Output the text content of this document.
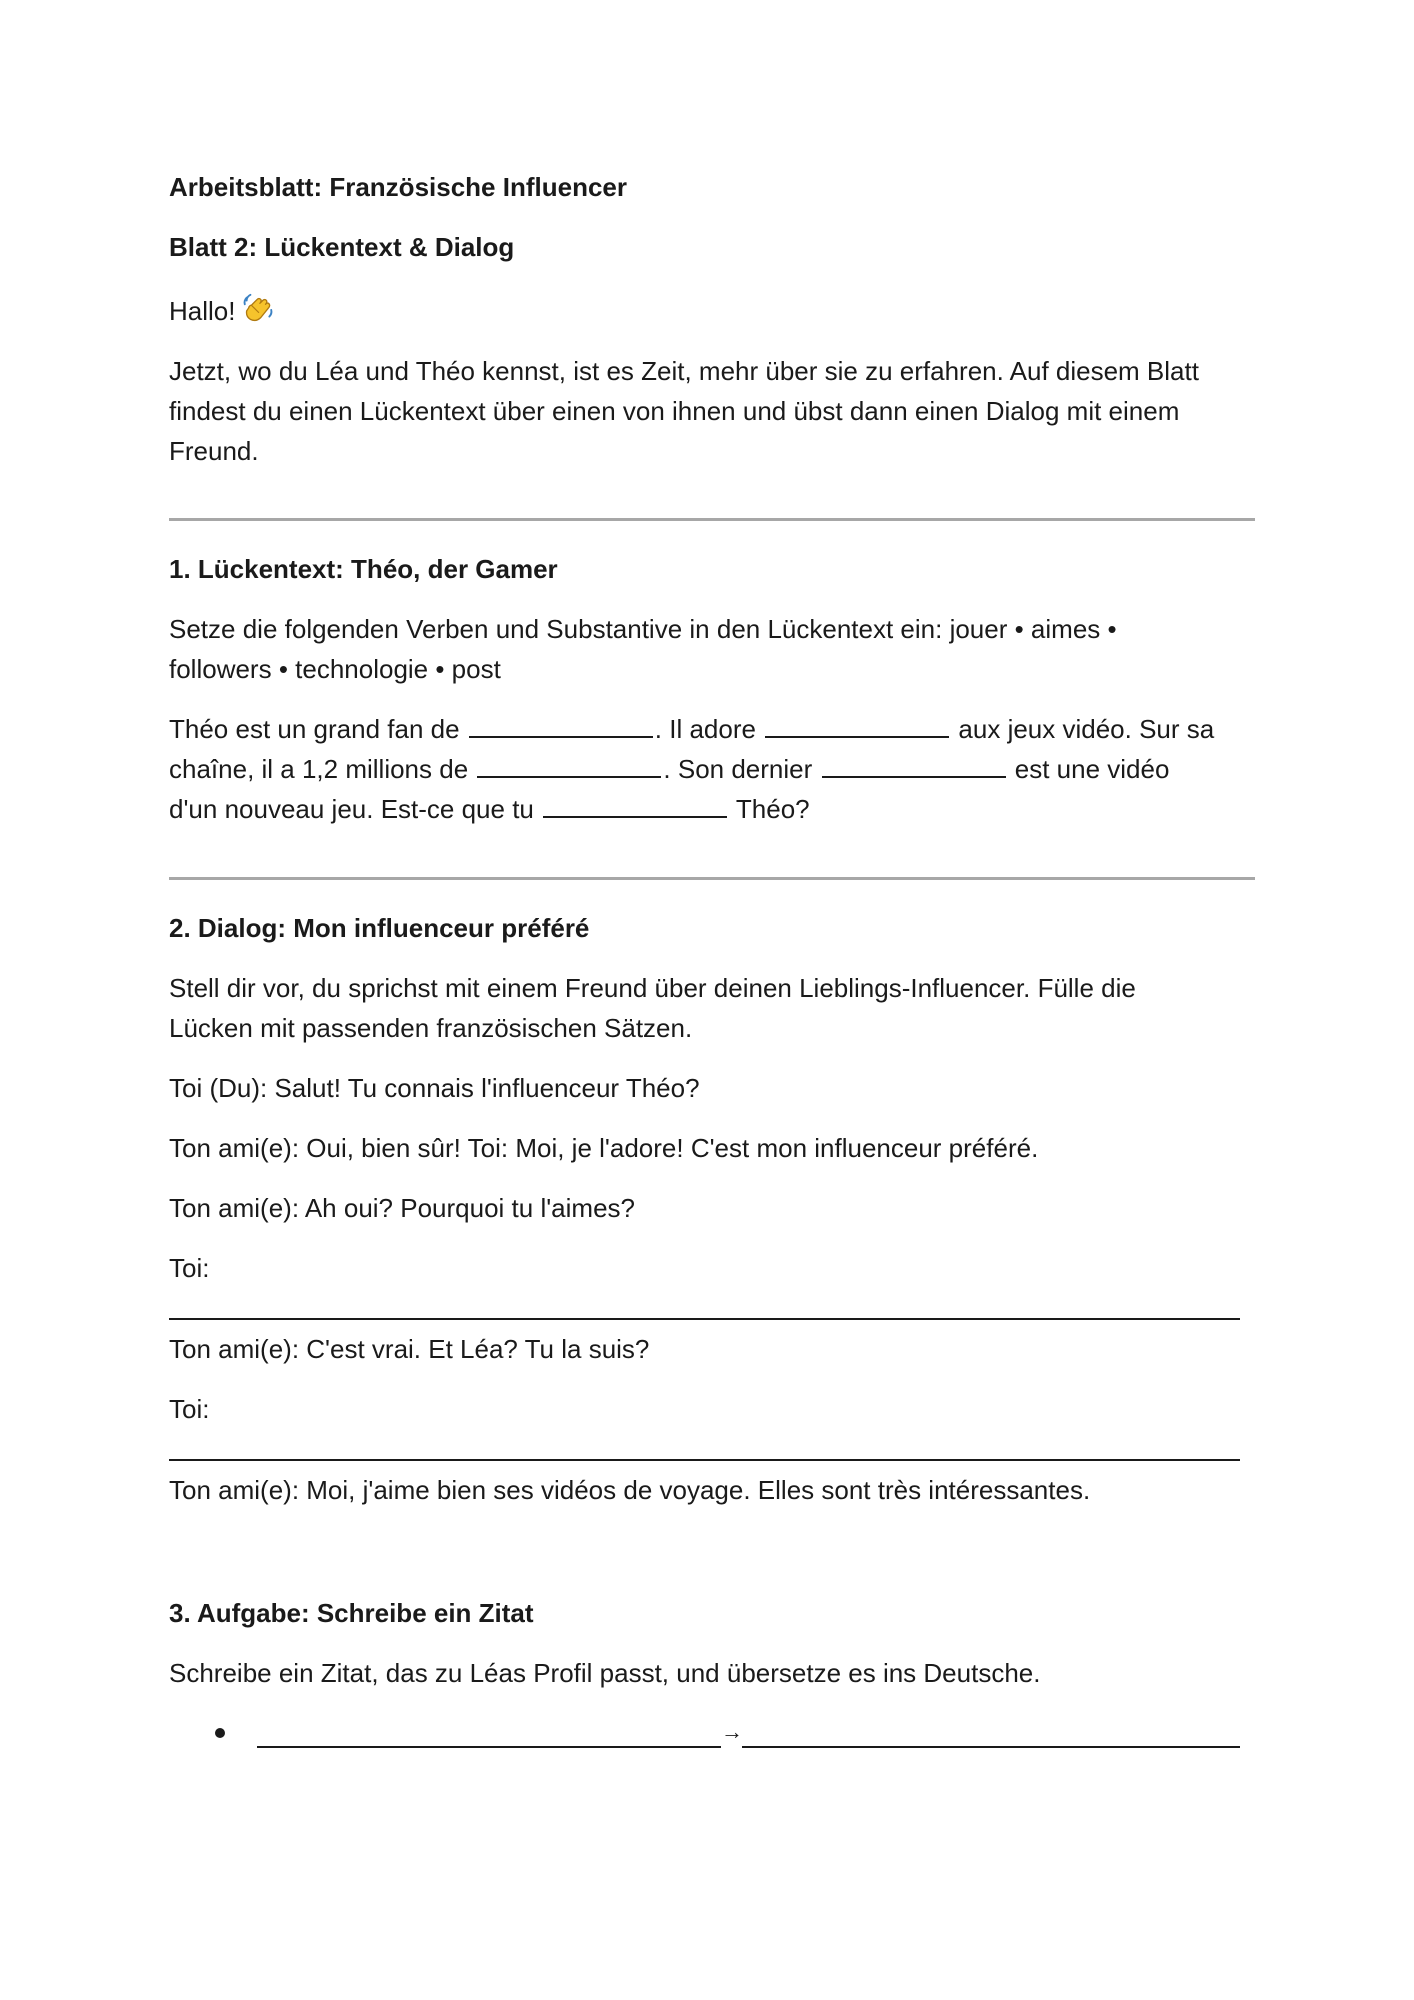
Arbeitsblatt: Französische Influencer

Blatt 2: Lückentext & Dialog

Hallo!

Jetzt, wo du Léa und Théo kennst, ist es Zeit, mehr über sie zu erfahren. Auf diesem Blatt

findest du einen Lückentext über einen von ihnen und übst dann einen Dialog mit einem

Freund.

1. Lückentext: Théo, der Gamer

Setze die folgenden Verben und Substantive in den Lückentext ein: jouer • aimes •

followers • technologie • post

Théo est un grand fan de	. Il adore	aux jeux vidéo. Sur sa

chaîne, il a 1,2 millions de	. Son dernier	est une vidéo

d'un nouveau jeu. Est-ce que tu	Théo?

2. Dialog: Mon influenceur préféré

Stell dir vor, du sprichst mit einem Freund über deinen Lieblings-Influencer. Fülle die

Lücken mit passenden französischen Sätzen.

Toi (Du): Salut! Tu connais l'influenceur Théo?

Ton ami(e): Oui, bien sûr! Toi: Moi, je l'adore! C'est mon influenceur préféré.

Ton ami(e): Ah oui? Pourquoi tu l'aimes?

Toi:

Ton ami(e): C'est vrai. Et Léa? Tu la suis?

Toi:

Ton ami(e): Moi, j'aime bien ses vidéos de voyage. Elles sont très intéressantes.

3. Aufgabe: Schreibe ein Zitat

Schreibe ein Zitat, das zu Léas Profil passt, und übersetze es ins Deutsche.

→
